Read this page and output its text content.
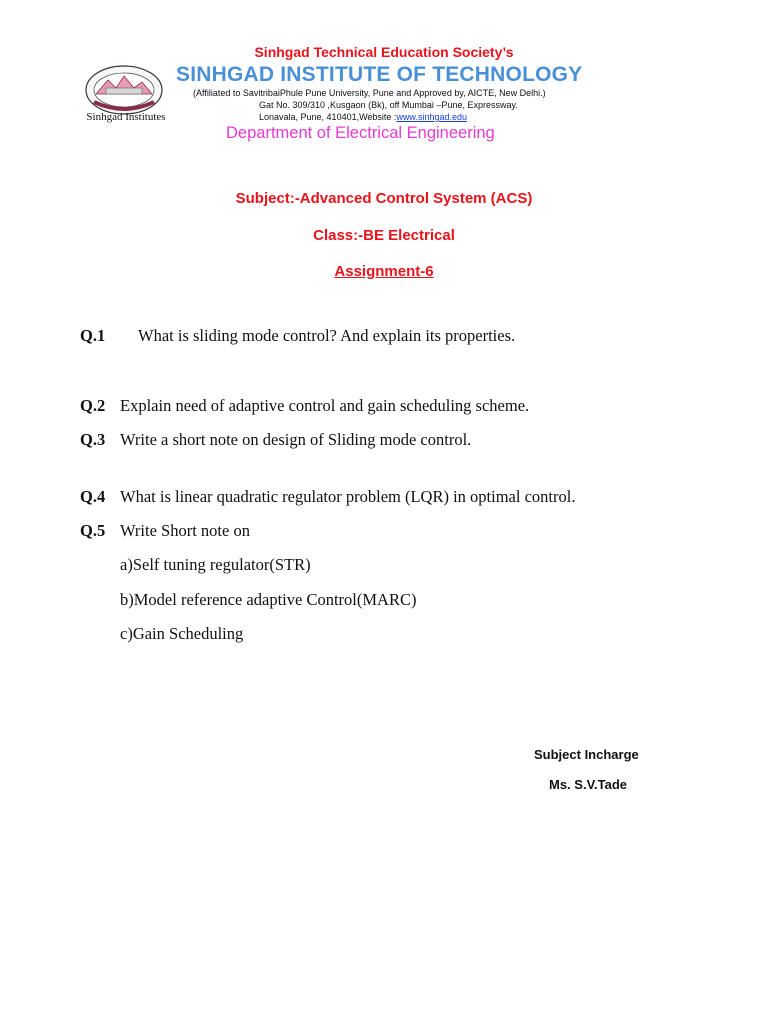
Sinhgad Technical Education Society’s
Sinhgad Institutes
SINHGAD INSTITUTE OF TECHNOLOGY
(Affiliated to SavitribaiPhule Pune University, Pune and Approved by, AICTE, New Delhi.)
Gat No. 309/310 ,Kusgaon (Bk), off Mumbai –Pune, Expressway.
Lonavala, Pune, 410401,Website :www.sinhgad.edu
Department of Electrical Engineering
Subject:-Advanced Control System (ACS)
Class:-BE Electrical
Assignment-6
Q.1 What is sliding mode control? And explain its properties.
Q.2 Explain need of adaptive control and gain scheduling scheme.
Q.3 Write a short note on design of Sliding mode control.
Q.4 What is linear quadratic regulator problem (LQR) in optimal control.
Q.5 Write Short note on
a)Self tuning regulator(STR)
b)Model reference adaptive Control(MARC)
c)Gain Scheduling
Subject Incharge
Ms. S.V.Tade
